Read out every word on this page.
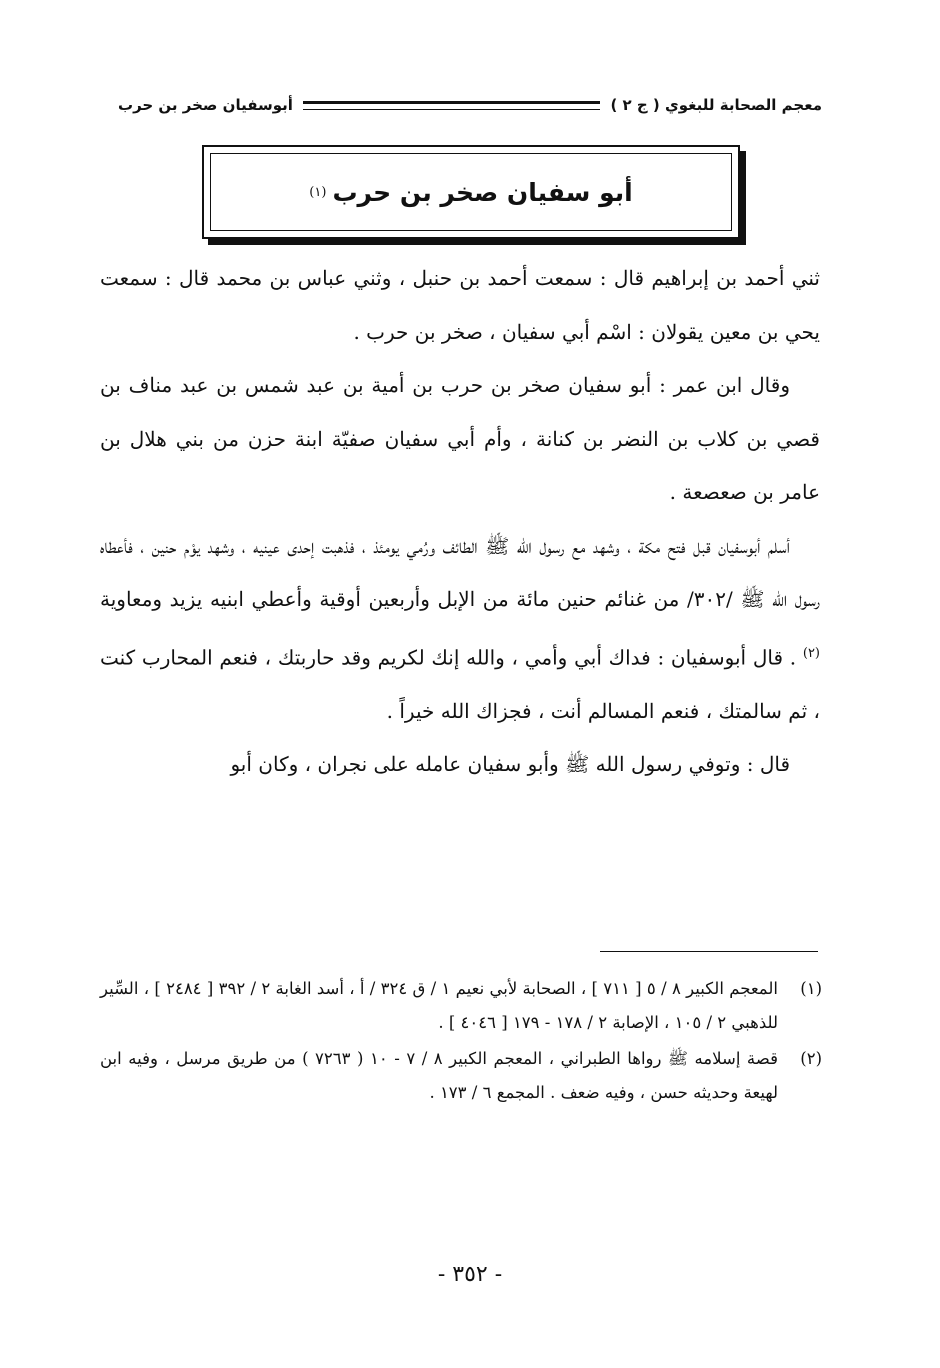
معجم الصحابة للبغوي ( ج ٢ )
أبوسفيان صخر بن حرب
أبو سفيان صخر بن حرب
(١)

ثني أحمد بن إبراهيم قال : سمعت أحمد بن حنبل ، وثني عباس بن محمد قال : سمعت يحي بن معين يقولان : اسْم أبي سفيان ، صخر بن حرب .

وقال ابن عمر : أبو سفيان صخر بن حرب بن أمية بن عبد شمس بن عبد مناف بن قصي بن كلاب بن النضر بن كنانة ، وأم أبي سفيان صفيّة ابنة حزن من بني هلال بن عامر بن صعصعة .

أسلم أبوسفيان قبل فتح مكة ، وشهد مع رسول الله ﷺ الطائف ورُمي يومئذ ، فذهبت إحدى عينيه ، وشهد يوْم حنين ، فأعطاه رسول الله ﷺ /٣٠٢/ من غنائم حنين مائة من الإبل وأربعين أوقية وأعطي ابنيه يزيد ومعاوية $^{(٢)}$ . قال أبوسفيان : فداك أبي وأمي ، والله إنك لكريم وقد حاربتك ، فنعم المحارب كنت ، ثم سالمتك ، فنعم المسالم أنت ، فجزاك الله خيراً .

قال : وتوفي رسول الله ﷺ وأبو سفيان عامله على نجران ، وكان أبو

(١)
المعجم الكبير ٨ / ٥ [ ٧١١ ] ، الصحابة لأبي نعيم ١ / ق ٣٢٤ / أ ، أسد الغابة ٢ / ٣٩٢ [ ٢٤٨٤ ] ، السِّير للذهبي ٢ / ١٠٥ ، الإصابة ٢ / ١٧٨ - ١٧٩ [ ٤٠٤٦ ] .
(٢)
قصة إسلامه ﷺ رواها الطبراني ، المعجم الكبير ٨ / ٧ - ١٠ ( ٧٢٦٣ ) من طريق مرسل ، وفيه ابن لهيعة وحديثه حسن ، وفيه ضعف . المجمع ٦ / ١٧٣ .
- ٣٥٢ -
